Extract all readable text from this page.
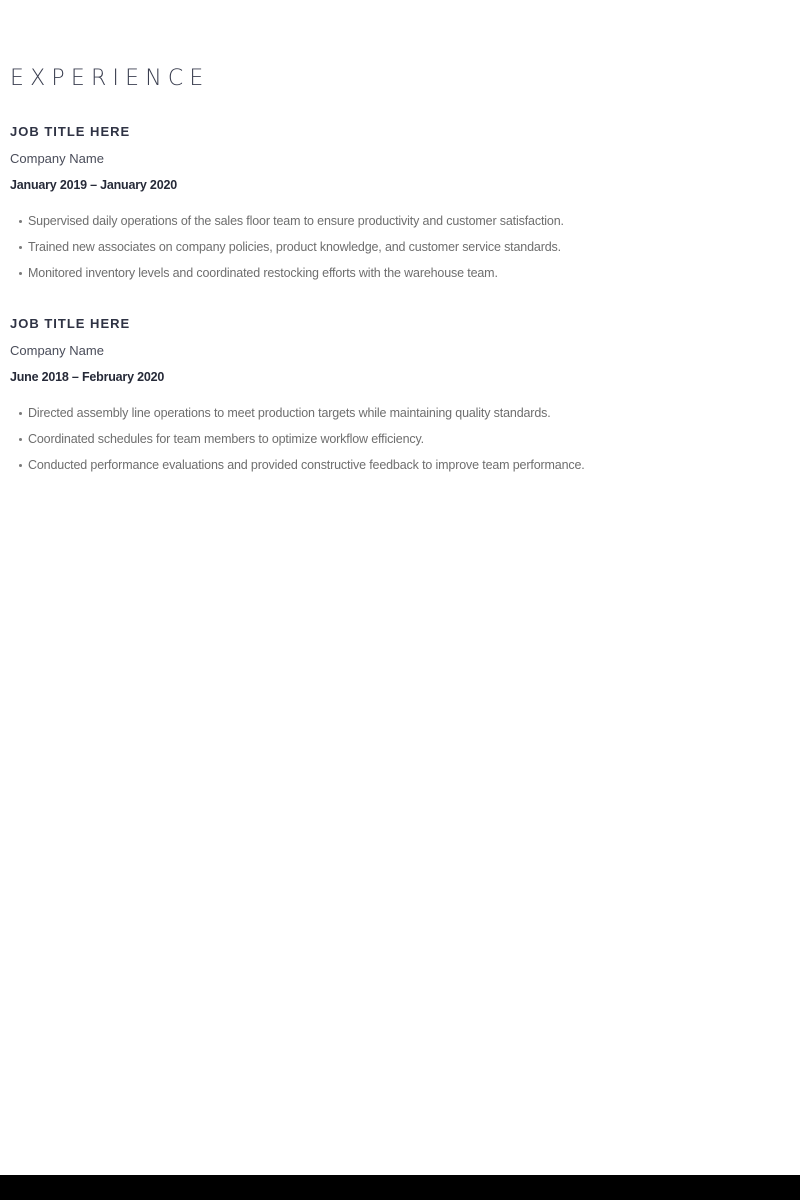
EXPERIENCE
JOB TITLE HERE
Company Name
January 2019 – January 2020
Supervised daily operations of the sales floor team to ensure productivity and customer satisfaction.
Trained new associates on company policies, product knowledge, and customer service standards.
Monitored inventory levels and coordinated restocking efforts with the warehouse team.
JOB TITLE HERE
Company Name
June 2018 – February 2020
Directed assembly line operations to meet production targets while maintaining quality standards.
Coordinated schedules for team members to optimize workflow efficiency.
Conducted performance evaluations and provided constructive feedback to improve team performance.
